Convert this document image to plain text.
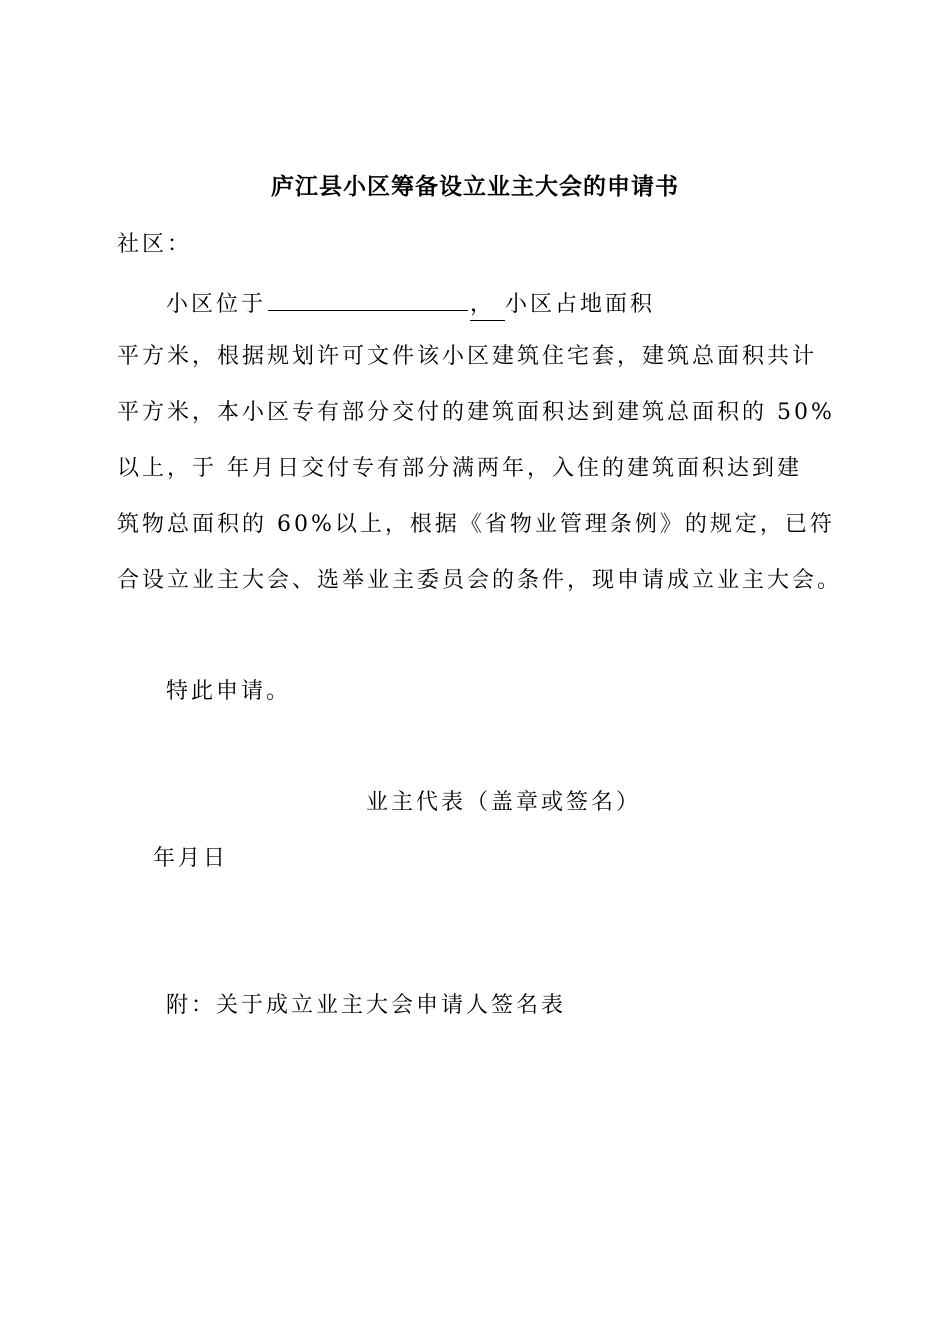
庐江县小区筹备设立业主大会的申请书
社区：
小区位于	， 小区占地面积
平方米，根据规划许可文件该小区建筑住宅套，建筑总面积共计
平方米，本小区专有部分交付的建筑面积达到建筑总面积的 50%
以上，于 年月日交付专有部分满两年，入住的建筑面积达到建
筑物总面积的 60%以上，根据《省物业管理条例》的规定，已符
合设立业主大会、选举业主委员会的条件，现申请成立业主大会。
特此申请。
业主代表（盖章或签名）
年月日
附：关于成立业主大会申请人签名表
